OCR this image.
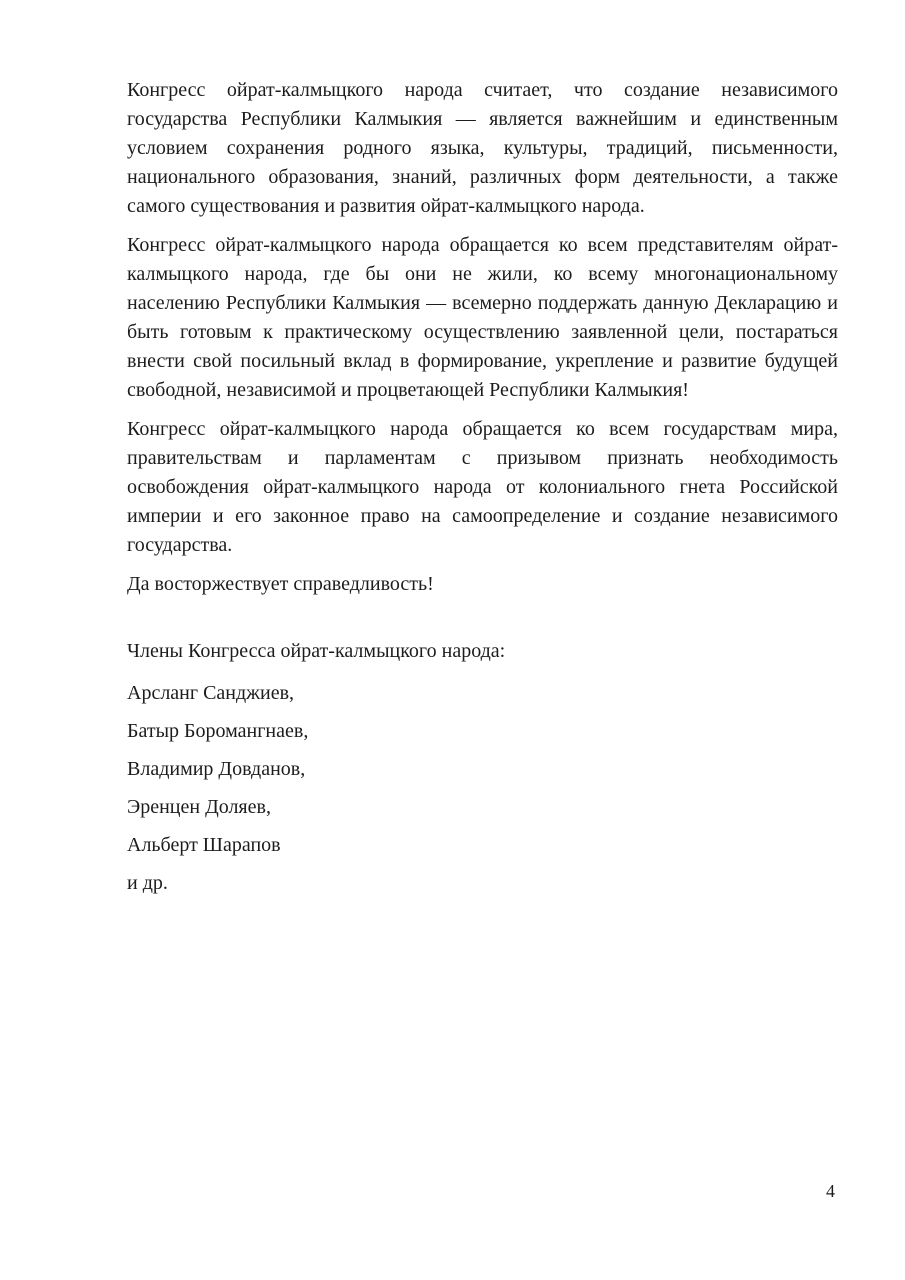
Конгресс ойрат-калмыцкого народа считает, что создание независимого государства Республики Калмыкия — является важнейшим и единственным условием сохранения родного языка, культуры, традиций, письменности, национального образования, знаний, различных форм деятельности, а также самого существования и развития ойрат-калмыцкого народа.

Конгресс ойрат-калмыцкого народа обращается ко всем представителям ойрат-калмыцкого народа, где бы они не жили, ко всему многонациональному населению Республики Калмыкия — всемерно поддержать данную Декларацию и быть готовым к практическому осуществлению заявленной цели, постараться внести свой посильный вклад в формирование, укрепление и развитие будущей свободной, независимой и процветающей Республики Калмыкия!

Конгресс ойрат-калмыцкого народа обращается ко всем государствам мира, правительствам и парламентам с призывом признать необходимость освобождения ойрат-калмыцкого народа от колониального гнета Российской империи и его законное право на самоопределение и создание независимого государства.

Да восторжествует справедливость!

Члены Конгресса ойрат-калмыцкого народа:

Арсланг Санджиев,

Батыр Боромангнаев,

Владимир Довданов,

Эренцен Доляев,

Альберт Шарапов

и др.

4
